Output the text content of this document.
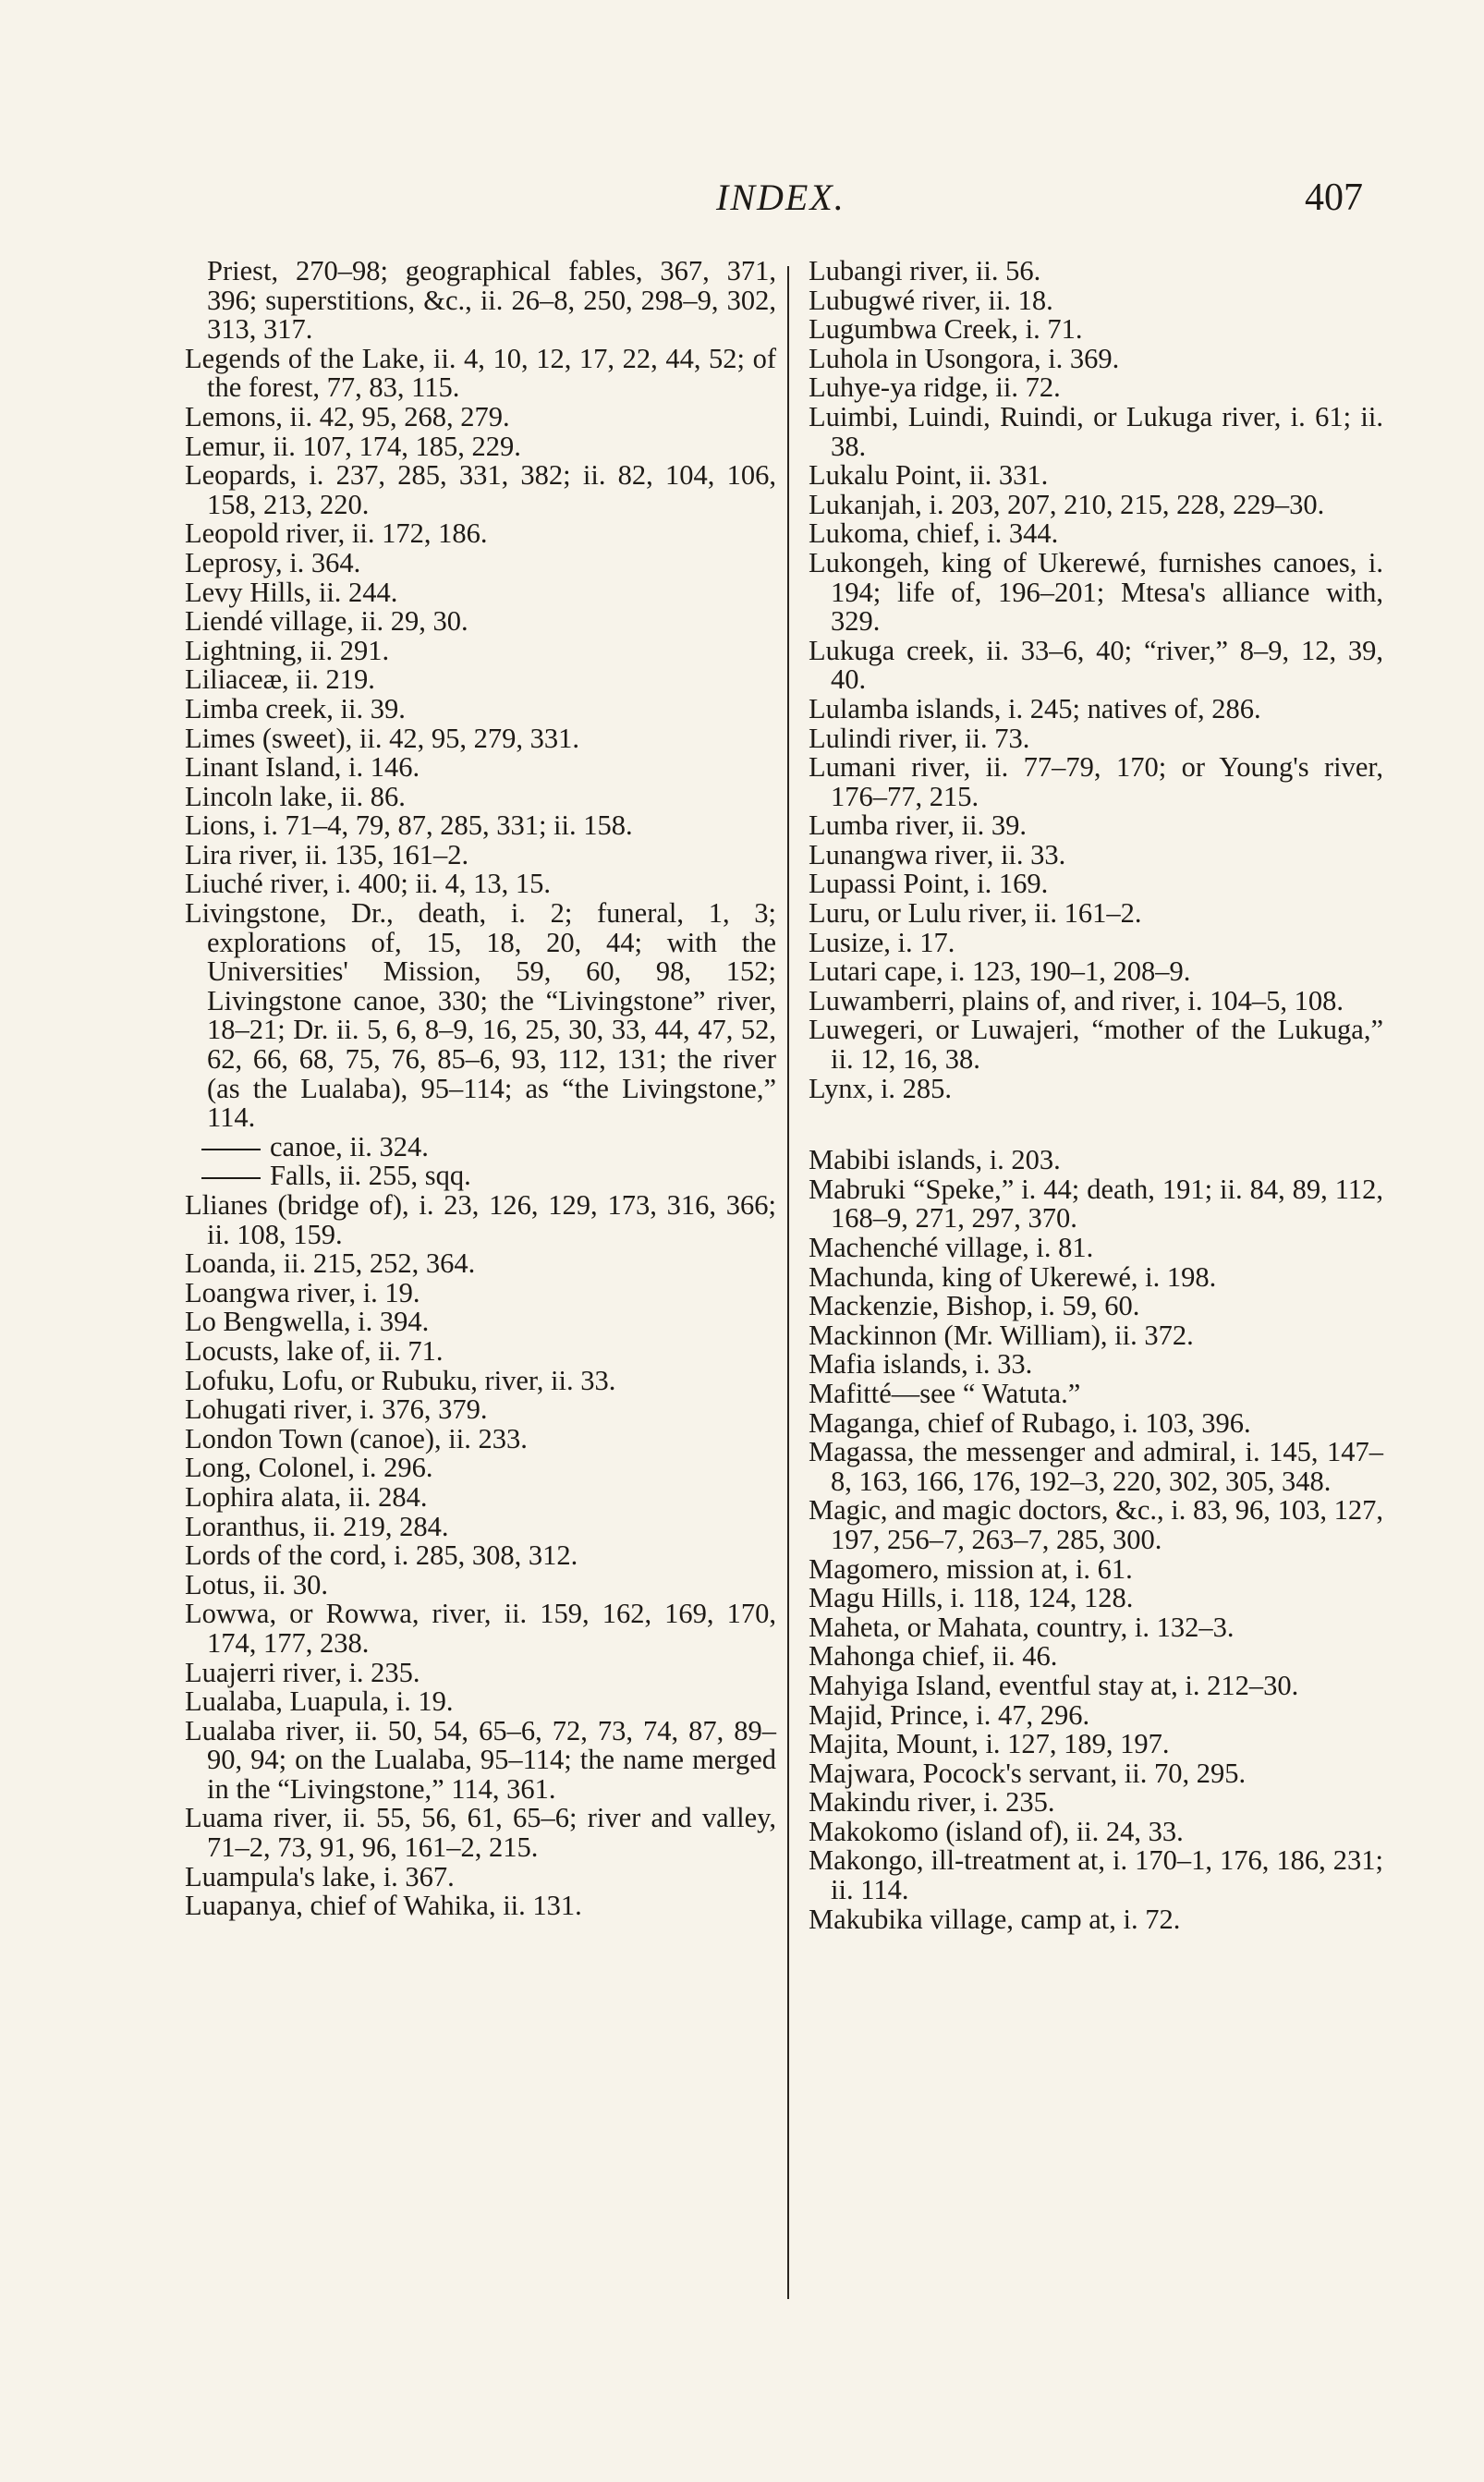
INDEX.	407

Priest, 270–98; geographical fables, 367, 371, 396; superstitions, &c., ii. 26–8, 250, 298–9, 302, 313, 317.

Legends of the Lake, ii. 4, 10, 12, 17, 22, 44, 52; of the forest, 77, 83, 115.

Lemons, ii. 42, 95, 268, 279.

Lemur, ii. 107, 174, 185, 229.

Leopards, i. 237, 285, 331, 382; ii. 82, 104, 106, 158, 213, 220.

Leopold river, ii. 172, 186.

Leprosy, i. 364.

Levy Hills, ii. 244.

Liendé village, ii. 29, 30.

Lightning, ii. 291.

Liliaceæ, ii. 219.

Limba creek, ii. 39.

Limes (sweet), ii. 42, 95, 279, 331.

Linant Island, i. 146.

Lincoln lake, ii. 86.

Lions, i. 71–4, 79, 87, 285, 331; ii. 158.

Lira river, ii. 135, 161–2.

Liuché river, i. 400; ii. 4, 13, 15.

Livingstone, Dr., death, i. 2; funeral, 1, 3; explorations of, 15, 18, 20, 44; with the Universities' Mission, 59, 60, 98, 152; Livingstone canoe, 330; the “Livingstone” river, 18–21; Dr. ii. 5, 6, 8–9, 16, 25, 30, 33, 44, 47, 52, 62, 66, 68, 75, 76, 85–6, 93, 112, 131; the river (as the Lualaba), 95–114; as “the Livingstone,” 114.

canoe, ii. 324.

Falls, ii. 255, sqq.

Llianes (bridge of), i. 23, 126, 129, 173, 316, 366; ii. 108, 159.

Loanda, ii. 215, 252, 364.

Loangwa river, i. 19.

Lo Bengwella, i. 394.

Locusts, lake of, ii. 71.

Lofuku, Lofu, or Rubuku, river, ii. 33.

Lohugati river, i. 376, 379.

London Town (canoe), ii. 233.

Long, Colonel, i. 296.

Lophira alata, ii. 284.

Loranthus, ii. 219, 284.

Lords of the cord, i. 285, 308, 312.

Lotus, ii. 30.

Lowwa, or Rowwa, river, ii. 159, 162, 169, 170, 174, 177, 238.

Luajerri river, i. 235.

Lualaba, Luapula, i. 19.

Lualaba river, ii. 50, 54, 65–6, 72, 73, 74, 87, 89–90, 94; on the Lualaba, 95–114; the name merged in the “Livingstone,” 114, 361.

Luama river, ii. 55, 56, 61, 65–6; river and valley, 71–2, 73, 91, 96, 161–2, 215.

Luampula's lake, i. 367.

Luapanya, chief of Wahika, ii. 131.

Lubangi river, ii. 56.

Lubugwé river, ii. 18.

Lugumbwa Creek, i. 71.

Luhola in Usongora, i. 369.

Luhye-ya ridge, ii. 72.

Luimbi, Luindi, Ruindi, or Lukuga river, i. 61; ii. 38.

Lukalu Point, ii. 331.

Lukanjah, i. 203, 207, 210, 215, 228, 229–30.

Lukoma, chief, i. 344.

Lukongeh, king of Ukerewé, furnishes canoes, i. 194; life of, 196–201; Mtesa's alliance with, 329.

Lukuga creek, ii. 33–6, 40; “river,” 8–9, 12, 39, 40.

Lulamba islands, i. 245; natives of, 286.

Lulindi river, ii. 73.

Lumani river, ii. 77–79, 170; or Young's river, 176–77, 215.

Lumba river, ii. 39.

Lunangwa river, ii. 33.

Lupassi Point, i. 169.

Luru, or Lulu river, ii. 161–2.

Lusize, i. 17.

Lutari cape, i. 123, 190–1, 208–9.

Luwamberri, plains of, and river, i. 104–5, 108.

Luwegeri, or Luwajeri, “mother of the Lukuga,” ii. 12, 16, 38.

Lynx, i. 285.

Mabibi islands, i. 203.

Mabruki “Speke,” i. 44; death, 191; ii. 84, 89, 112, 168–9, 271, 297, 370.

Machenché village, i. 81.

Machunda, king of Ukerewé, i. 198.

Mackenzie, Bishop, i. 59, 60.

Mackinnon (Mr. William), ii. 372.

Mafia islands, i. 33.

Mafitté—see “ Watuta.”

Maganga, chief of Rubago, i. 103, 396.

Magassa, the messenger and admiral, i. 145, 147–8, 163, 166, 176, 192–3, 220, 302, 305, 348.

Magic, and magic doctors, &c., i. 83, 96, 103, 127, 197, 256–7, 263–7, 285, 300.

Magomero, mission at, i. 61.

Magu Hills, i. 118, 124, 128.

Maheta, or Mahata, country, i. 132–3.

Mahonga chief, ii. 46.

Mahyiga Island, eventful stay at, i. 212–30.

Majid, Prince, i. 47, 296.

Majita, Mount, i. 127, 189, 197.

Majwara, Pocock's servant, ii. 70, 295.

Makindu river, i. 235.

Makokomo (island of), ii. 24, 33.

Makongo, ill-treatment at, i. 170–1, 176, 186, 231; ii. 114.

Makubika village, camp at, i. 72.
